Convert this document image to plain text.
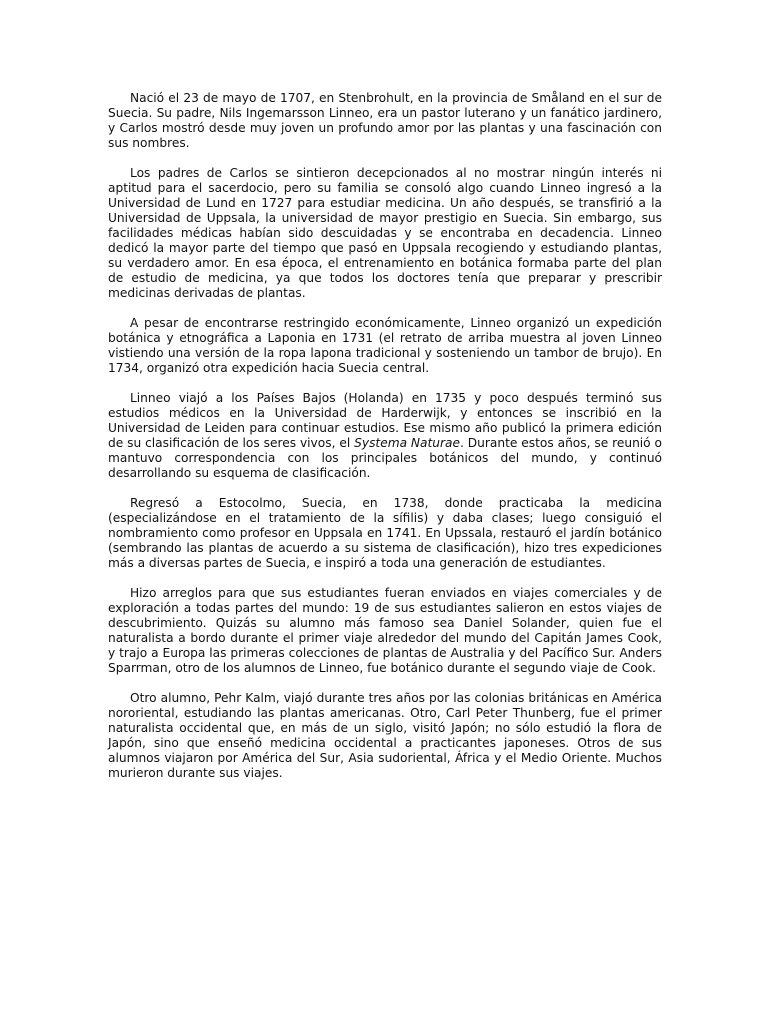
Nació el 23 de mayo de 1707, en Stenbrohult, en la provincia de Småland en el sur de Suecia. Su padre, Nils Ingemarsson Linneo, era un pastor luterano y un fanático jardinero, y Carlos mostró desde muy joven un profundo amor por las plantas y una fascinación con sus nombres.

Los padres de Carlos se sintieron decepcionados al no mostrar ningún interés ni aptitud para el sacerdocio, pero su familia se consoló algo cuando Linneo ingresó a la Universidad de Lund en 1727 para estudiar medicina. Un año después, se transfirió a la Universidad de Uppsala, la universidad de mayor prestigio en Suecia. Sin embargo, sus facilidades médicas habían sido descuidadas y se encontraba en decadencia. Linneo dedicó la mayor parte del tiempo que pasó en Uppsala recogiendo y estudiando plantas, su verdadero amor. En esa época, el entrenamiento en botánica formaba parte del plan de estudio de medicina, ya que todos los doctores tenía que preparar y prescribir medicinas derivadas de plantas.

A pesar de encontrarse restringido económicamente, Linneo organizó un expedición botánica y etnográfica a Laponia en 1731 (el retrato de arriba muestra al joven Linneo vistiendo una versión de la ropa lapona tradicional y sosteniendo un tambor de brujo). En 1734, organizó otra expedición hacia Suecia central.

Linneo viajó a los Países Bajos (Holanda) en 1735 y poco después terminó sus estudios médicos en la Universidad de Harderwijk, y entonces se inscribió en la Universidad de Leiden para continuar estudios. Ese mismo año publicó la primera edición de su clasificación de los seres vivos, el Systema Naturae. Durante estos años, se reunió o mantuvo correspondencia con los principales botánicos del mundo, y continuó desarrollando su esquema de clasificación.

Regresó a Estocolmo, Suecia, en 1738, donde practicaba la medicina (especializándose en el tratamiento de la sífilis) y daba clases; luego consiguió el nombramiento como profesor en Uppsala en 1741. En Upssala, restauró el jardín botánico (sembrando las plantas de acuerdo a su sistema de clasificación), hizo tres expediciones más a diversas partes de Suecia, e inspiró a toda una generación de estudiantes.

Hizo arreglos para que sus estudiantes fueran enviados en viajes comerciales y de exploración a todas partes del mundo: 19 de sus estudiantes salieron en estos viajes de descubrimiento. Quizás su alumno más famoso sea Daniel Solander, quien fue el naturalista a bordo durante el primer viaje alrededor del mundo del Capitán James Cook, y trajo a Europa las primeras colecciones de plantas de Australia y del Pacífico Sur. Anders Sparrman, otro de los alumnos de Linneo, fue botánico durante el segundo viaje de Cook.

Otro alumno, Pehr Kalm, viajó durante tres años por las colonias británicas en América nororiental, estudiando las plantas americanas. Otro, Carl Peter Thunberg, fue el primer naturalista occidental que, en más de un siglo, visitó Japón; no sólo estudió la flora de Japón, sino que enseñó medicina occidental a practicantes japoneses. Otros de sus alumnos viajaron por América del Sur, Asia sudoriental, África y el Medio Oriente. Muchos murieron durante sus viajes.
